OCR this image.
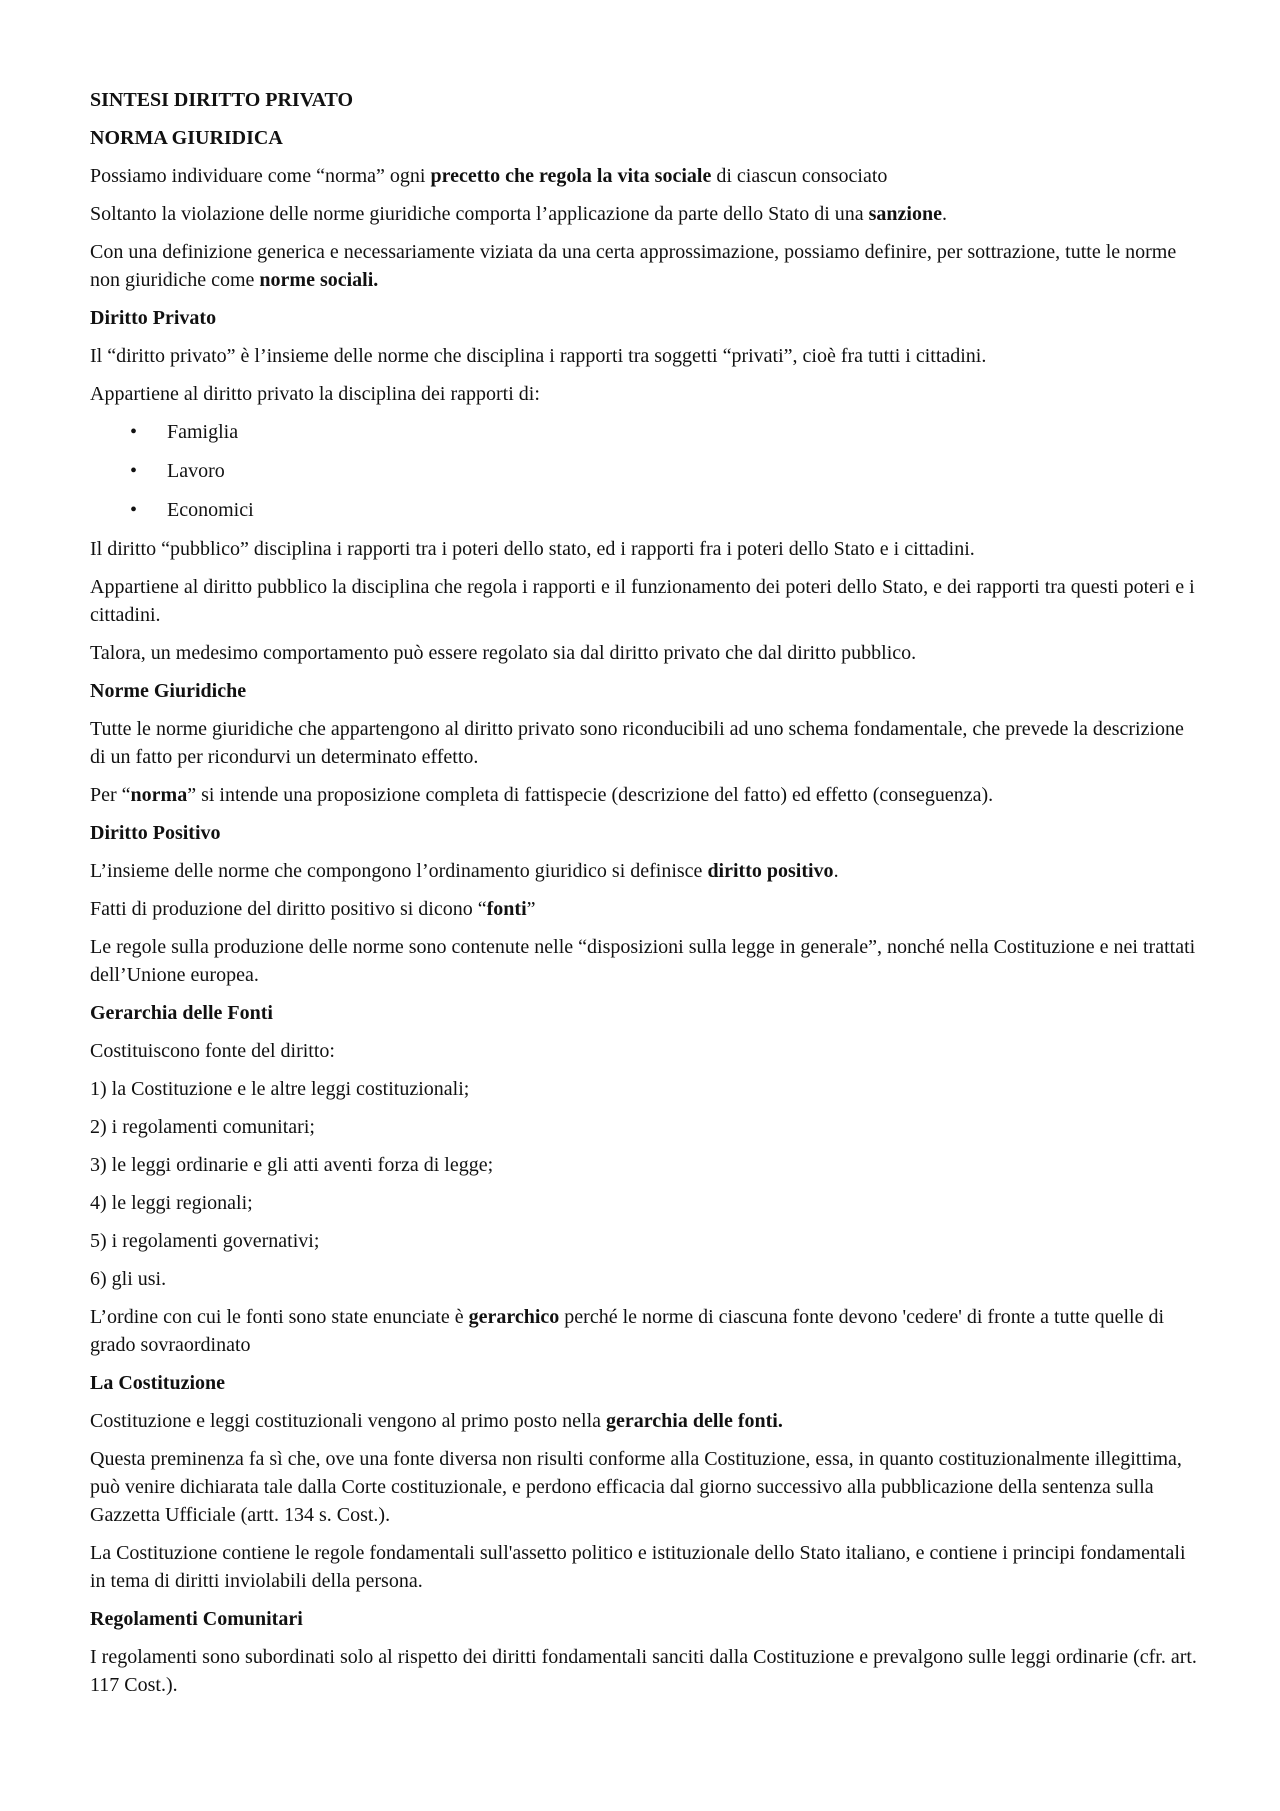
SINTESI DIRITTO PRIVATO
NORMA GIURIDICA

Possiamo individuare come “norma” ogni precetto che regola la vita sociale di ciascun consociato

Soltanto la violazione delle norme giuridiche comporta l’applicazione da parte dello Stato di una sanzione.

Con una definizione generica e necessariamente viziata da una certa approssimazione, possiamo definire, per sottrazione, tutte le norme non giuridiche come norme sociali.

Diritto Privato

Il “diritto privato” è l’insieme delle norme che disciplina i rapporti tra soggetti “privati”, cioè fra tutti i cittadini.

Appartiene al diritto privato la disciplina dei rapporti di:

• Famiglia
• Lavoro
• Economici

Il diritto “pubblico” disciplina i rapporti tra i poteri dello stato, ed i rapporti fra i poteri dello Stato e i cittadini.

Appartiene al diritto pubblico la disciplina che regola i rapporti e il funzionamento dei poteri dello Stato, e dei rapporti tra questi poteri e i cittadini.

Talora, un medesimo comportamento può essere regolato sia dal diritto privato che dal diritto pubblico.

Norme Giuridiche

Tutte le norme giuridiche che appartengono al diritto privato sono riconducibili ad uno schema fondamentale, che prevede la descrizione di un fatto per ricondurvi un determinato effetto.

Per “norma” si intende una proposizione completa di fattispecie (descrizione del fatto) ed effetto (conseguenza).

Diritto Positivo

L’insieme delle norme che compongono l’ordinamento giuridico si definisce diritto positivo.

Fatti di produzione del diritto positivo si dicono “fonti”

Le regole sulla produzione delle norme sono contenute nelle “disposizioni sulla legge in generale”, nonché nella Costituzione e nei trattati dell’Unione europea.

Gerarchia delle Fonti

Costituiscono fonte del diritto:

1) la Costituzione e le altre leggi costituzionali;

2) i regolamenti comunitari;

3) le leggi ordinarie e gli atti aventi forza di legge;

4) le leggi regionali;

5) i regolamenti governativi;

6) gli usi.

L’ordine con cui le fonti sono state enunciate è gerarchico perché le norme di ciascuna fonte devono 'cedere' di fronte a tutte quelle di grado sovraordinato

La Costituzione

Costituzione e leggi costituzionali vengono al primo posto nella gerarchia delle fonti.

Questa preminenza fa sì che, ove una fonte diversa non risulti conforme alla Costituzione, essa, in quanto costituzionalmente illegittima, può venire dichiarata tale dalla Corte costituzionale, e perdono efficacia dal giorno successivo alla pubblicazione della sentenza sulla Gazzetta Ufficiale (artt. 134 s. Cost.).

La Costituzione contiene le regole fondamentali sull'assetto politico e istituzionale dello Stato italiano, e contiene i principi fondamentali in tema di diritti inviolabili della persona.

Regolamenti Comunitari

I regolamenti sono subordinati solo al rispetto dei diritti fondamentali sanciti dalla Costituzione e prevalgono sulle leggi ordinarie (cfr. art. 117 Cost.).
